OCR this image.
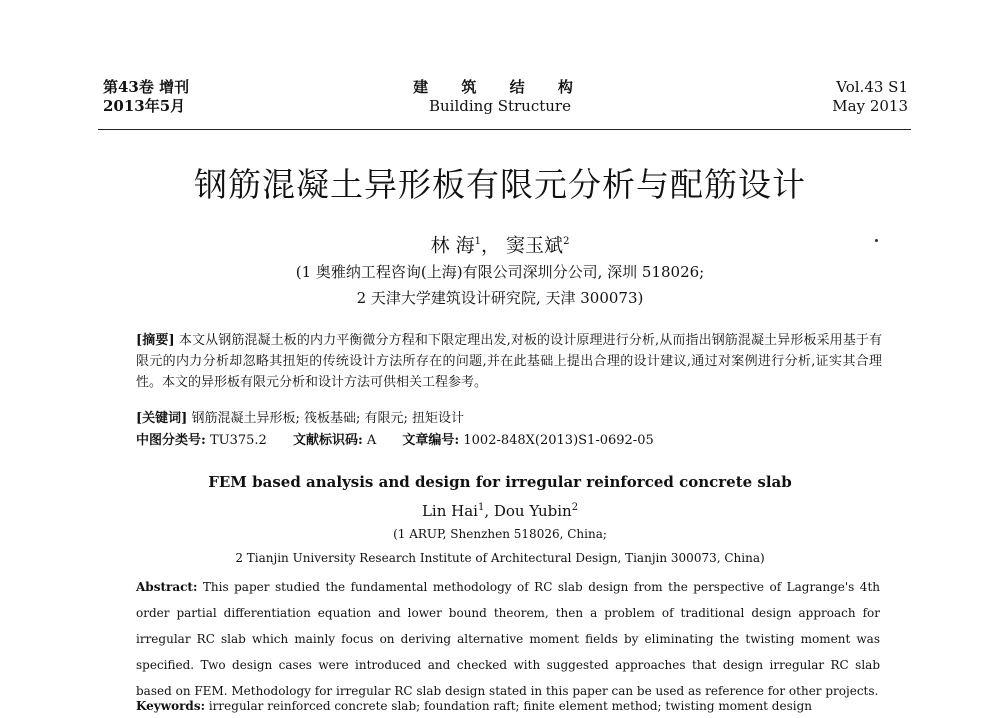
第43卷 增刊
2013年5月
建 筑 结 构
Building Structure
Vol.43 S1
May 2013
钢筋混凝土异形板有限元分析与配筋设计
林 海$^1$， 窦玉斌$^2$
(1 奥雅纳工程咨询(上海)有限公司深圳分公司, 深圳 518026;
2 天津大学建筑设计研究院, 天津 300073)
[摘要] 本文从钢筋混凝土板的内力平衡微分方程和下限定理出发,对板的设计原理进行分析,从而指出钢筋混凝土异形板采用基于有限元的内力分析却忽略其扭矩的传统设计方法所存在的问题,并在此基础上提出合理的设计建议,通过对案例进行分析,证实其合理性。本文的异形板有限元分析和设计方法可供相关工程参考。
[关键词] 钢筋混凝土异形板; 筏板基础; 有限元; 扭矩设计
中图分类号: TU375.2 文献标识码: A 文章编号: 1002-848X(2013)S1-0692-05
FEM based analysis and design for irregular reinforced concrete slab
Lin Hai$^1$, Dou Yubin$^2$
(1 ARUP, Shenzhen 518026, China;
2 Tianjin University Research Institute of Architectural Design, Tianjin 300073, China)
Abstract: This paper studied the fundamental methodology of RC slab design from the perspective of Lagrange's 4th order partial differentiation equation and lower bound theorem, then a problem of traditional design approach for irregular RC slab which mainly focus on deriving alternative moment fields by eliminating the twisting moment was specified. Two design cases were introduced and checked with suggested approaches that design irregular RC slab based on FEM. Methodology for irregular RC slab design stated in this paper can be used as reference for other projects.
Keywords: irregular reinforced concrete slab; foundation raft; finite element method; twisting moment design
